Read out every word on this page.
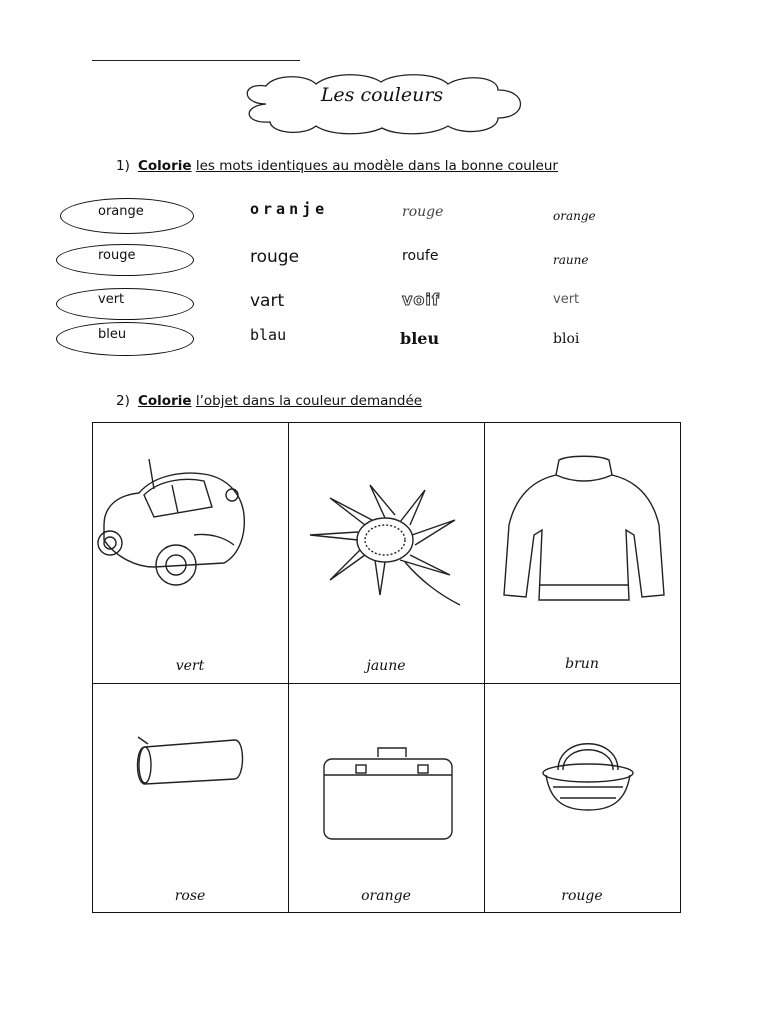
Les couleurs
1) Colorie les mots identiques au modèle dans la bonne couleur
orange	oranje	rouge	orange
rouge	rouge	roufe	raune
vert	vart	voif	vert
bleu	blau	bleu	bloi
2) Colorie l’objet dans la couleur demandée
vert	jaune	brun
rose	orange	rouge
